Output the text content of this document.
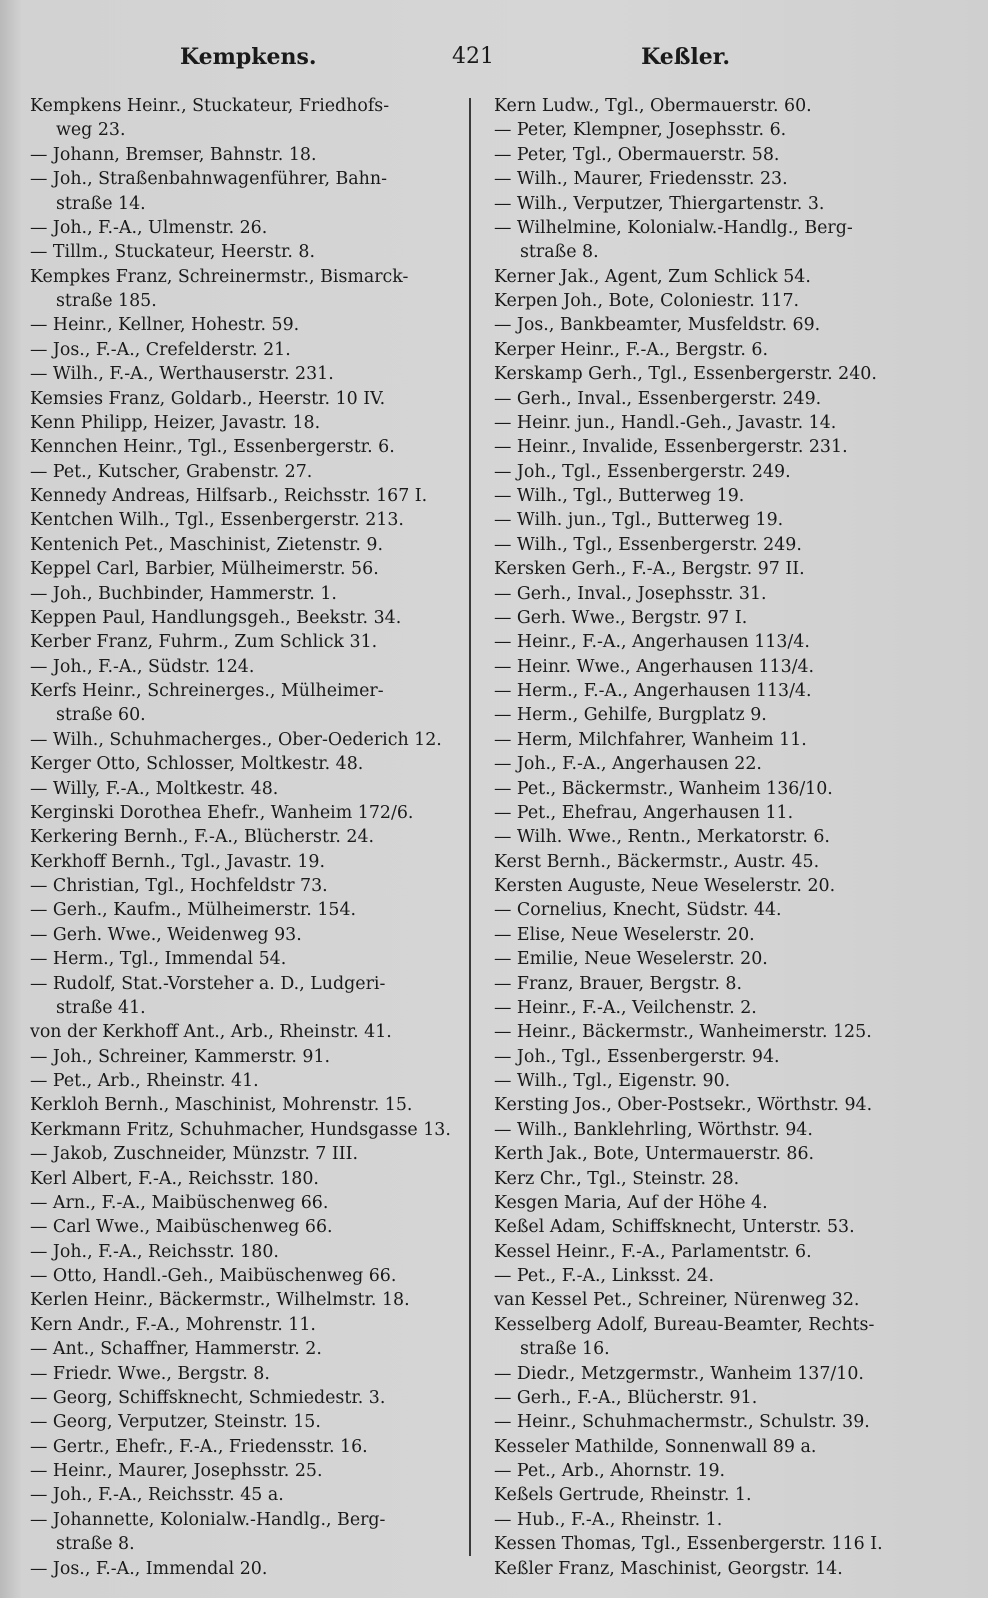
Kempkens.	421	Keßler.
Kempkens Heinr., Stuckateur, Friedhofs-
weg 23.
— Johann, Bremser, Bahnstr. 18.
— Joh., Straßenbahnwagenführer, Bahn-
straße 14.
— Joh., F.-A., Ulmenstr. 26.
— Tillm., Stuckateur, Heerstr. 8.
Kempkes Franz, Schreinermstr., Bismarck-
straße 185.
— Heinr., Kellner, Hohestr. 59.
— Jos., F.-A., Crefelderstr. 21.
— Wilh., F.-A., Werthauserstr. 231.
Kemsies Franz, Goldarb., Heerstr. 10 IV.
Kenn Philipp, Heizer, Javastr. 18.
Kennchen Heinr., Tgl., Essenbergerstr. 6.
— Pet., Kutscher, Grabenstr. 27.
Kennedy Andreas, Hilfsarb., Reichsstr. 167 I.
Kentchen Wilh., Tgl., Essenbergerstr. 213.
Kentenich Pet., Maschinist, Zietenstr. 9.
Keppel Carl, Barbier, Mülheimerstr. 56.
— Joh., Buchbinder, Hammerstr. 1.
Keppen Paul, Handlungsgeh., Beekstr. 34.
Kerber Franz, Fuhrm., Zum Schlick 31.
— Joh., F.-A., Südstr. 124.
Kerfs Heinr., Schreinerges., Mülheimer-
straße 60.
— Wilh., Schuhmacherges., Ober-Oederich 12.
Kerger Otto, Schlosser, Moltkestr. 48.
— Willy, F.-A., Moltkestr. 48.
Kerginski Dorothea Ehefr., Wanheim 172/6.
Kerkering Bernh., F.-A., Blücherstr. 24.
Kerkhoff Bernh., Tgl., Javastr. 19.
— Christian, Tgl., Hochfeldstr 73.
— Gerh., Kaufm., Mülheimerstr. 154.
— Gerh. Wwe., Weidenweg 93.
— Herm., Tgl., Immendal 54.
— Rudolf, Stat.-Vorsteher a. D., Ludgeri-
straße 41.
von der Kerkhoff Ant., Arb., Rheinstr. 41.
— Joh., Schreiner, Kammerstr. 91.
— Pet., Arb., Rheinstr. 41.
Kerkloh Bernh., Maschinist, Mohrenstr. 15.
Kerkmann Fritz, Schuhmacher, Hundsgasse 13.
— Jakob, Zuschneider, Münzstr. 7 III.
Kerl Albert, F.-A., Reichsstr. 180.
— Arn., F.-A., Maibüschenweg 66.
— Carl Wwe., Maibüschenweg 66.
— Joh., F.-A., Reichsstr. 180.
— Otto, Handl.-Geh., Maibüschenweg 66.
Kerlen Heinr., Bäckermstr., Wilhelmstr. 18.
Kern Andr., F.-A., Mohrenstr. 11.
— Ant., Schaffner, Hammerstr. 2.
— Friedr. Wwe., Bergstr. 8.
— Georg, Schiffsknecht, Schmiedestr. 3.
— Georg, Verputzer, Steinstr. 15.
— Gertr., Ehefr., F.-A., Friedensstr. 16.
— Heinr., Maurer, Josephsstr. 25.
— Joh., F.-A., Reichsstr. 45 a.
— Johannette, Kolonialw.-Handlg., Berg-
straße 8.
— Jos., F.-A., Immendal 20.
Kern Ludw., Tgl., Obermauerstr. 60.
— Peter, Klempner, Josephsstr. 6.
— Peter, Tgl., Obermauerstr. 58.
— Wilh., Maurer, Friedensstr. 23.
— Wilh., Verputzer, Thiergartenstr. 3.
— Wilhelmine, Kolonialw.-Handlg., Berg-
straße 8.
Kerner Jak., Agent, Zum Schlick 54.
Kerpen Joh., Bote, Coloniestr. 117.
— Jos., Bankbeamter, Musfeldstr. 69.
Kerper Heinr., F.-A., Bergstr. 6.
Kerskamp Gerh., Tgl., Essenbergerstr. 240.
— Gerh., Inval., Essenbergerstr. 249.
— Heinr. jun., Handl.-Geh., Javastr. 14.
— Heinr., Invalide, Essenbergerstr. 231.
— Joh., Tgl., Essenbergerstr. 249.
— Wilh., Tgl., Butterweg 19.
— Wilh. jun., Tgl., Butterweg 19.
— Wilh., Tgl., Essenbergerstr. 249.
Kersken Gerh., F.-A., Bergstr. 97 II.
— Gerh., Inval., Josephsstr. 31.
— Gerh. Wwe., Bergstr. 97 I.
— Heinr., F.-A., Angerhausen 113/4.
— Heinr. Wwe., Angerhausen 113/4.
— Herm., F.-A., Angerhausen 113/4.
— Herm., Gehilfe, Burgplatz 9.
— Herm, Milchfahrer, Wanheim 11.
— Joh., F.-A., Angerhausen 22.
— Pet., Bäckermstr., Wanheim 136/10.
— Pet., Ehefrau, Angerhausen 11.
— Wilh. Wwe., Rentn., Merkatorstr. 6.
Kerst Bernh., Bäckermstr., Austr. 45.
Kersten Auguste, Neue Weselerstr. 20.
— Cornelius, Knecht, Südstr. 44.
— Elise, Neue Weselerstr. 20.
— Emilie, Neue Weselerstr. 20.
— Franz, Brauer, Bergstr. 8.
— Heinr., F.-A., Veilchenstr. 2.
— Heinr., Bäckermstr., Wanheimerstr. 125.
— Joh., Tgl., Essenbergerstr. 94.
— Wilh., Tgl., Eigenstr. 90.
Kersting Jos., Ober-Postsekr., Wörthstr. 94.
— Wilh., Banklehrling, Wörthstr. 94.
Kerth Jak., Bote, Untermauerstr. 86.
Kerz Chr., Tgl., Steinstr. 28.
Kesgen Maria, Auf der Höhe 4.
Keßel Adam, Schiffsknecht, Unterstr. 53.
Kessel Heinr., F.-A., Parlamentstr. 6.
— Pet., F.-A., Linksst. 24.
van Kessel Pet., Schreiner, Nürenweg 32.
Kesselberg Adolf, Bureau-Beamter, Rechts-
straße 16.
— Diedr., Metzgermstr., Wanheim 137/10.
— Gerh., F.-A., Blücherstr. 91.
— Heinr., Schuhmachermstr., Schulstr. 39.
Kesseler Mathilde, Sonnenwall 89 a.
— Pet., Arb., Ahornstr. 19.
Keßels Gertrude, Rheinstr. 1.
— Hub., F.-A., Rheinstr. 1.
Kessen Thomas, Tgl., Essenbergerstr. 116 I.
Keßler Franz, Maschinist, Georgstr. 14.
